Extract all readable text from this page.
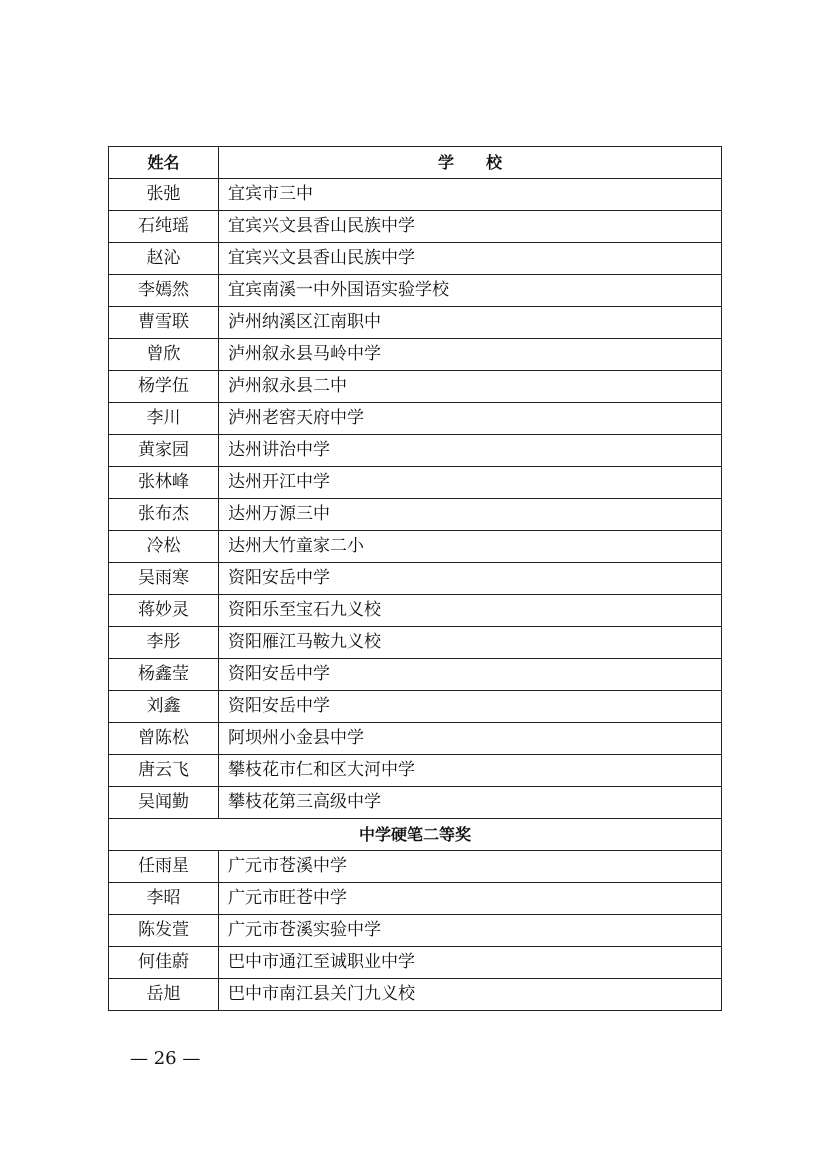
姓名	学　　校
张弛	宜宾市三中
石纯瑶	宜宾兴文县香山民族中学
赵沁	宜宾兴文县香山民族中学
李嫣然	宜宾南溪一中外国语实验学校
曹雪联	泸州纳溪区江南职中
曾欣	泸州叙永县马岭中学
杨学伍	泸州叙永县二中
李川	泸州老窖天府中学
黄家园	达州讲治中学
张林峰	达州开江中学
张布杰	达州万源三中
冷松	达州大竹童家二小
吴雨寒	资阳安岳中学
蒋妙灵	资阳乐至宝石九义校
李彤	资阳雁江马鞍九义校
杨鑫莹	资阳安岳中学
刘鑫	资阳安岳中学
曾陈松	阿坝州小金县中学
唐云飞	攀枝花市仁和区大河中学
吴闻勤	攀枝花第三高级中学
中学硬笔二等奖	
任雨星	广元市苍溪中学
李昭	广元市旺苍中学
陈发萱	广元市苍溪实验中学
何佳蔚	巴中市通江至诚职业中学
岳旭	巴中市南江县关门九义校
— 26 —
